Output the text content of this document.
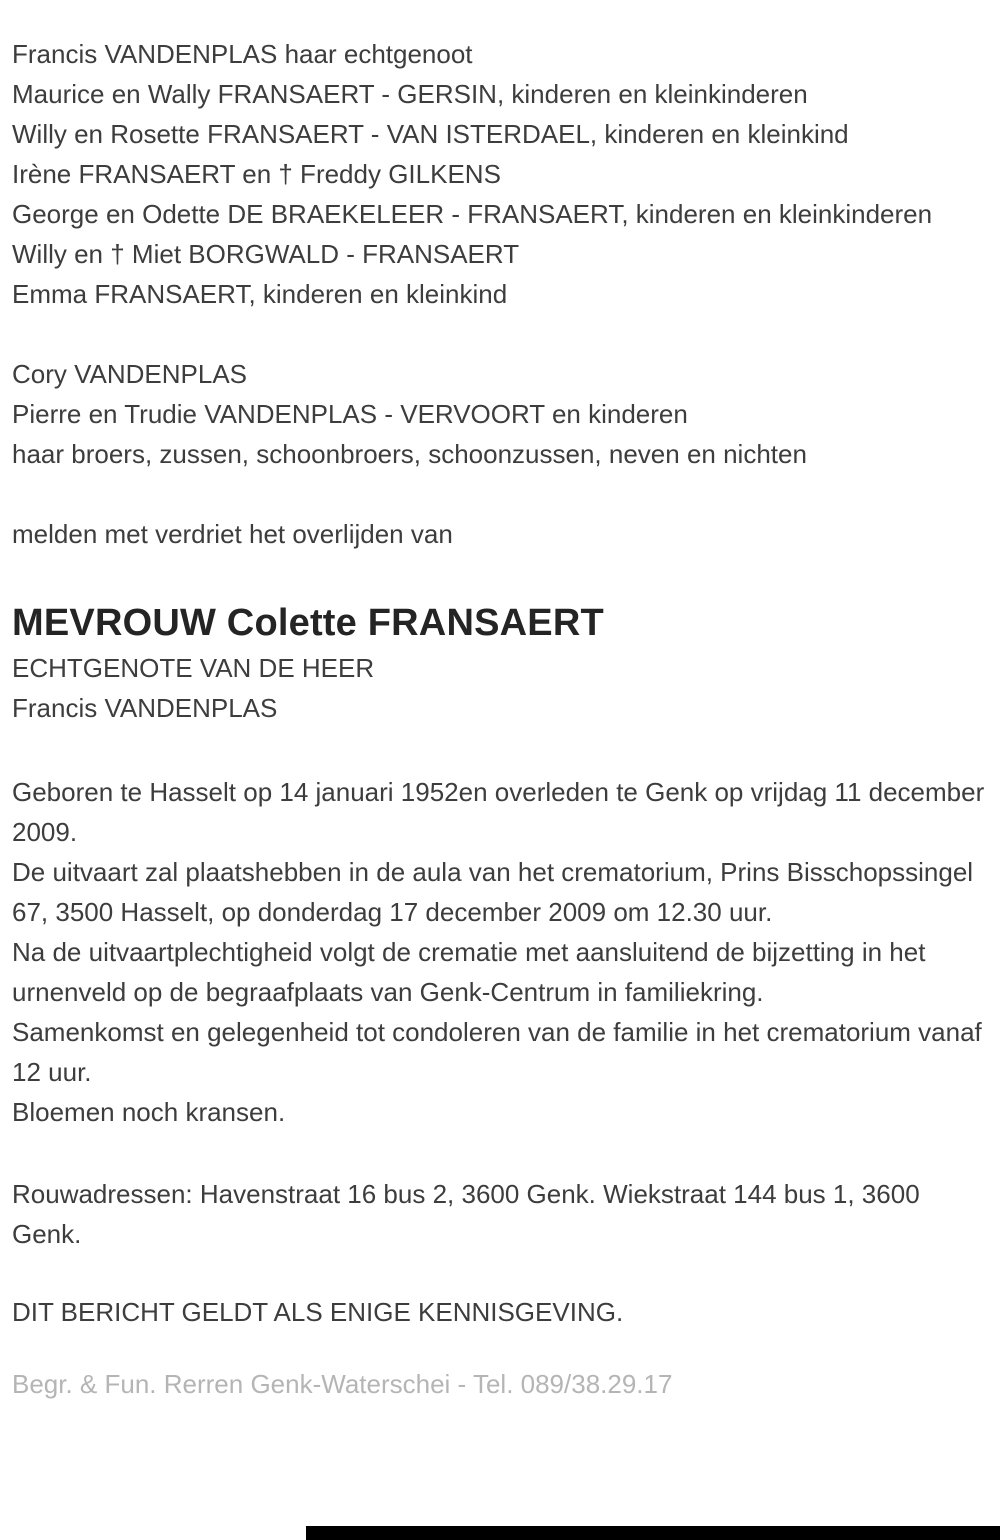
Francis VANDENPLAS haar echtgenoot

Maurice en Wally FRANSAERT - GERSIN, kinderen en kleinkinderen

Willy en Rosette FRANSAERT - VAN ISTERDAEL, kinderen en kleinkind

Irène FRANSAERT en † Freddy GILKENS

George en Odette DE BRAEKELEER - FRANSAERT, kinderen en kleinkinderen

Willy en † Miet BORGWALD - FRANSAERT

Emma FRANSAERT, kinderen en kleinkind

Cory VANDENPLAS

Pierre en Trudie VANDENPLAS - VERVOORT en kinderen

haar broers, zussen, schoonbroers, schoonzussen, neven en nichten

melden met verdriet het overlijden van

MEVROUW Colette FRANSAERT

ECHTGENOTE VAN DE HEER

Francis VANDENPLAS

Geboren te Hasselt op 14 januari 1952en overleden te Genk op vrijdag 11 december 2009.

De uitvaart zal plaatshebben in de aula van het crematorium, Prins Bisschopssingel 67, 3500 Hasselt, op donderdag 17 december 2009 om 12.30 uur.

Na de uitvaartplechtigheid volgt de crematie met aansluitend de bijzetting in het urnenveld op de begraafplaats van Genk-Centrum in familiekring.

Samenkomst en gelegenheid tot condoleren van de familie in het crematorium vanaf 12 uur.

Bloemen noch kransen.

Rouwadressen: Havenstraat 16 bus 2, 3600 Genk. Wiekstraat 144 bus 1, 3600 Genk.

DIT BERICHT GELDT ALS ENIGE KENNISGEVING.

Begr. & Fun. Rerren Genk-Waterschei - Tel. 089/38.29.17
